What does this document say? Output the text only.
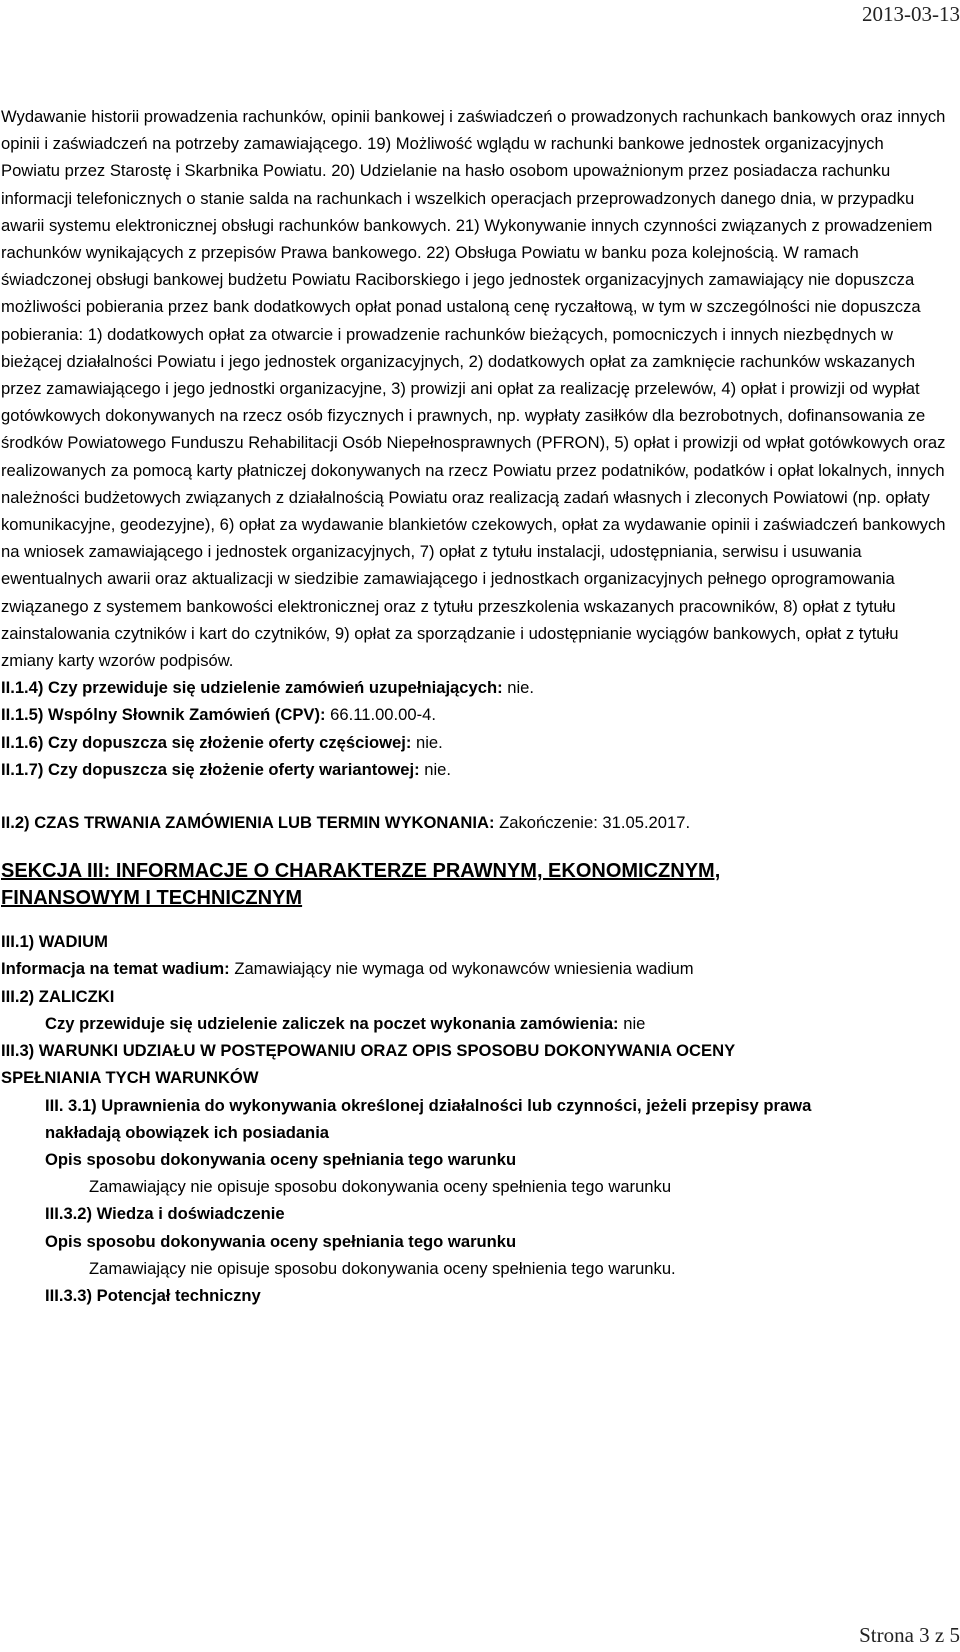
2013-03-13

Wydawanie historii prowadzenia rachunków, opinii bankowej i zaświadczeń o prowadzonych rachunkach bankowych oraz innych opinii i zaświadczeń na potrzeby zamawiającego. 19) Możliwość wglądu w rachunki bankowe jednostek organizacyjnych Powiatu przez Starostę i Skarbnika Powiatu. 20) Udzielanie na hasło osobom upoważnionym przez posiadacza rachunku informacji telefonicznych o stanie salda na rachunkach i wszelkich operacjach przeprowadzonych danego dnia, w przypadku awarii systemu elektronicznej obsługi rachunków bankowych. 21) Wykonywanie innych czynności związanych z prowadzeniem rachunków wynikających z przepisów Prawa bankowego. 22) Obsługa Powiatu w banku poza kolejnością. W ramach świadczonej obsługi bankowej budżetu Powiatu Raciborskiego i jego jednostek organizacyjnych zamawiający nie dopuszcza możliwości pobierania przez bank dodatkowych opłat ponad ustaloną cenę ryczałtową, w tym w szczególności nie dopuszcza pobierania: 1) dodatkowych opłat za otwarcie i prowadzenie rachunków bieżących, pomocniczych i innych niezbędnych w bieżącej działalności Powiatu i jego jednostek organizacyjnych, 2) dodatkowych opłat za zamknięcie rachunków wskazanych przez zamawiającego i jego jednostki organizacyjne, 3) prowizji ani opłat za realizację przelewów, 4) opłat i prowizji od wypłat gotówkowych dokonywanych na rzecz osób fizycznych i prawnych, np. wypłaty zasiłków dla bezrobotnych, dofinansowania ze środków Powiatowego Funduszu Rehabilitacji Osób Niepełnosprawnych (PFRON), 5) opłat i prowizji od wpłat gotówkowych oraz realizowanych za pomocą karty płatniczej dokonywanych na rzecz Powiatu przez podatników, podatków i opłat lokalnych, innych należności budżetowych związanych z działalnością Powiatu oraz realizacją zadań własnych i zleconych Powiatowi (np. opłaty komunikacyjne, geodezyjne), 6) opłat za wydawanie blankietów czekowych, opłat za wydawanie opinii i zaświadczeń bankowych na wniosek zamawiającego i jednostek organizacyjnych, 7) opłat z tytułu instalacji, udostępniania, serwisu i usuwania ewentualnych awarii oraz aktualizacji w siedzibie zamawiającego i jednostkach organizacyjnych pełnego oprogramowania związanego z systemem bankowości elektronicznej oraz z tytułu przeszkolenia wskazanych pracowników, 8) opłat z tytułu zainstalowania czytników i kart do czytników, 9) opłat za sporządzanie i udostępnianie wyciągów bankowych, opłat z tytułu zmiany karty wzorów podpisów.

II.1.4) Czy przewiduje się udzielenie zamówień uzupełniających: nie.
II.1.5) Wspólny Słownik Zamówień (CPV): 66.11.00.00-4.
II.1.6) Czy dopuszcza się złożenie oferty częściowej: nie.
II.1.7) Czy dopuszcza się złożenie oferty wariantowej: nie.
II.2) CZAS TRWANIA ZAMÓWIENIA LUB TERMIN WYKONANIA: Zakończenie: 31.05.2017.
SEKCJA III: INFORMACJE O CHARAKTERZE PRAWNYM, EKONOMICZNYM,
FINANSOWYM I TECHNICZNYM
III.1) WADIUM
Informacja na temat wadium: Zamawiający nie wymaga od wykonawców wniesienia wadium
III.2) ZALICZKI
Czy przewiduje się udzielenie zaliczek na poczet wykonania zamówienia: nie
III.3) WARUNKI UDZIAŁU W POSTĘPOWANIU ORAZ OPIS SPOSOBU DOKONYWANIA OCENY
SPEŁNIANIA TYCH WARUNKÓW
III. 3.1) Uprawnienia do wykonywania określonej działalności lub czynności, jeżeli przepisy prawa
nakładają obowiązek ich posiadania
Opis sposobu dokonywania oceny spełniania tego warunku
Zamawiający nie opisuje sposobu dokonywania oceny spełnienia tego warunku
III.3.2) Wiedza i doświadczenie
Opis sposobu dokonywania oceny spełniania tego warunku
Zamawiający nie opisuje sposobu dokonywania oceny spełnienia tego warunku.
III.3.3) Potencjał techniczny
Strona 3 z 5
